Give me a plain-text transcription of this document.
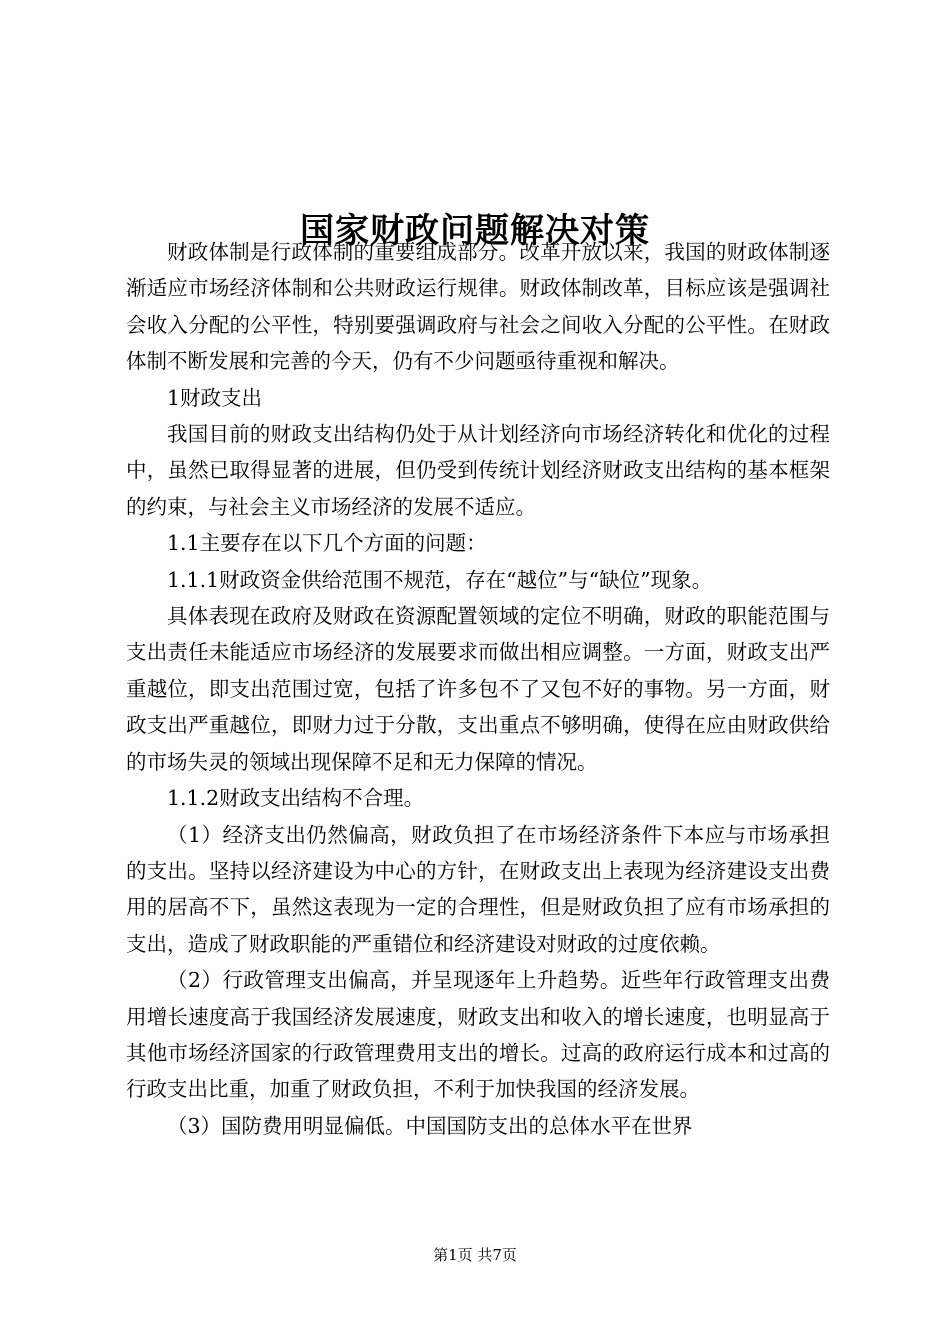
国家财政问题解决对策

财政体制是行政体制的重要组成部分。改革开放以来，我国的财政体制逐渐适应市场经济体制和公共财政运行规律。财政体制改革，目标应该是强调社会收入分配的公平性，特别要强调政府与社会之间收入分配的公平性。在财政体制不断发展和完善的今天，仍有不少问题亟待重视和解决。

1财政支出

我国目前的财政支出结构仍处于从计划经济向市场经济转化和优化的过程中，虽然已取得显著的进展，但仍受到传统计划经济财政支出结构的基本框架的约束，与社会主义市场经济的发展不适应。

1.1主要存在以下几个方面的问题：

1.1.1财政资金供给范围不规范，存在“越位”与“缺位”现象。

具体表现在政府及财政在资源配置领域的定位不明确，财政的职能范围与支出责任未能适应市场经济的发展要求而做出相应调整。一方面，财政支出严重越位，即支出范围过宽，包括了许多包不了又包不好的事物。另一方面，财政支出严重越位，即财力过于分散，支出重点不够明确，使得在应由财政供给的市场失灵的领域出现保障不足和无力保障的情况。

1.1.2财政支出结构不合理。

（1）经济支出仍然偏高，财政负担了在市场经济条件下本应与市场承担的支出。坚持以经济建设为中心的方针，在财政支出上表现为经济建设支出费用的居高不下，虽然这表现为一定的合理性，但是财政负担了应有市场承担的支出，造成了财政职能的严重错位和经济建设对财政的过度依赖。

（2）行政管理支出偏高，并呈现逐年上升趋势。近些年行政管理支出费用增长速度高于我国经济发展速度，财政支出和收入的增长速度，也明显高于其他市场经济国家的行政管理费用支出的增长。过高的政府运行成本和过高的行政支出比重，加重了财政负担，不利于加快我国的经济发展。

（3）国防费用明显偏低。中国国防支出的总体水平在世界

第1页 共7页
